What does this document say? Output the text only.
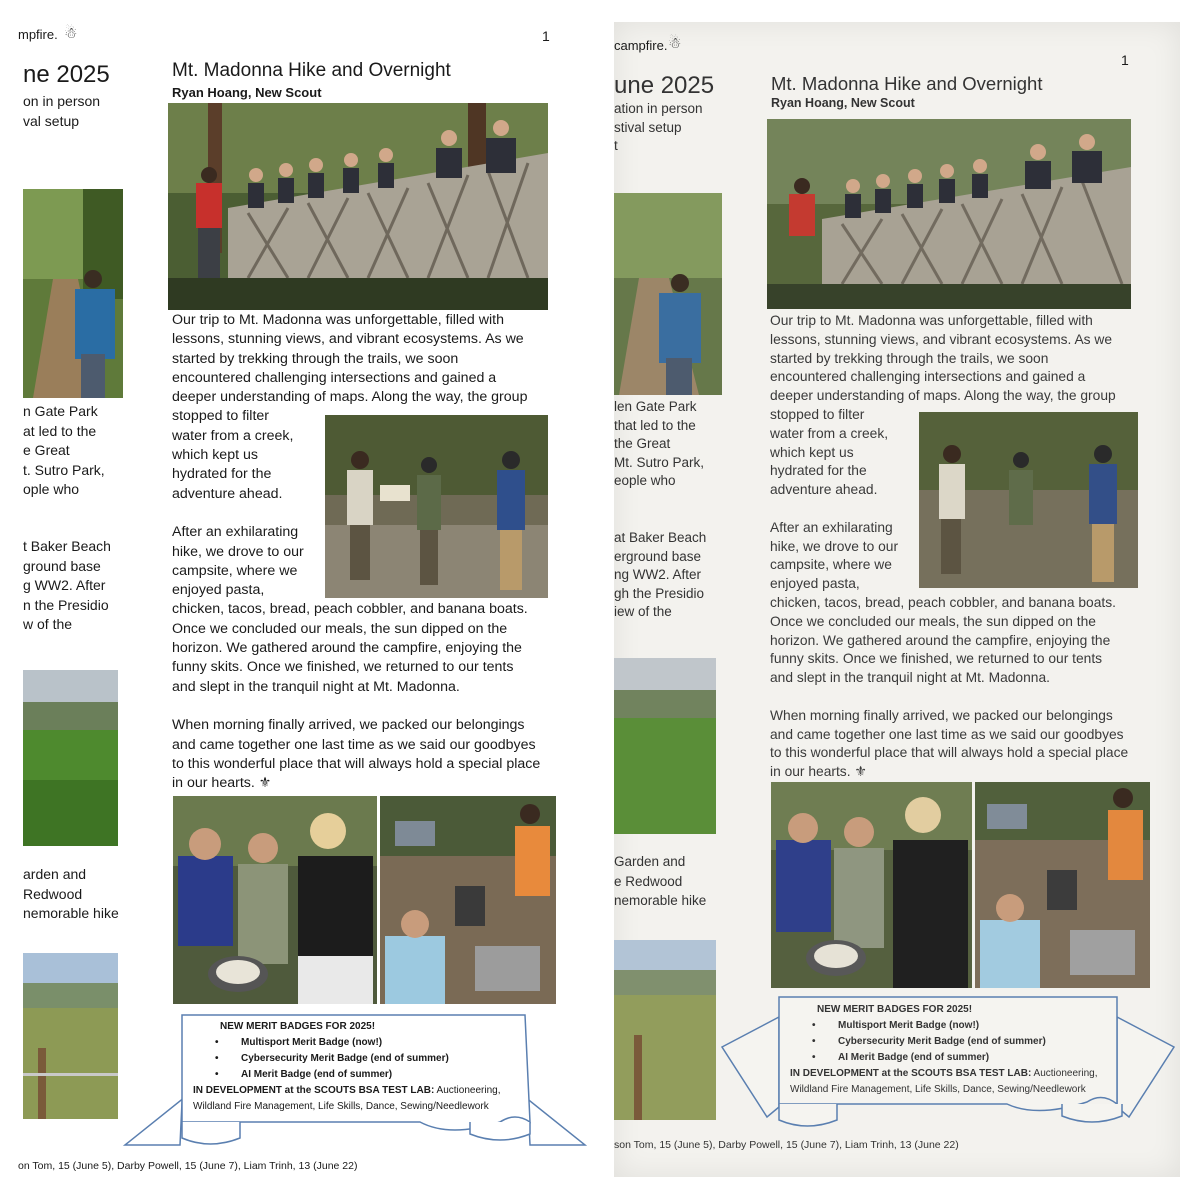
mpfire. ☃	1
ne 2025
on in person
val setup
n Gate Park
at led to the
e Great
t. Sutro Park,
ople who
t Baker Beach
ground base
g WW2. After
n the Presidio
w of the
arden and
Redwood
nemorable hike
Mt. Madonna Hike and Overnight
Ryan Hoang, New Scout
Our trip to Mt. Madonna was unforgettable, filled with
lessons, stunning views, and vibrant ecosystems. As we
started by trekking through the trails, we soon
encountered challenging intersections and gained a
deeper understanding of maps. Along the way, the group
stopped to filter
water from a creek,
which kept us
hydrated for the
adventure ahead.
After an exhilarating
hike, we drove to our
campsite, where we
enjoyed pasta,
chicken, tacos, bread, peach cobbler, and banana boats.
Once we concluded our meals, the sun dipped on the
horizon. We gathered around the campfire, enjoying the
funny skits. Once we finished, we returned to our tents
and slept in the tranquil night at Mt. Madonna.
When morning finally arrived, we packed our belongings
and came together one last time as we said our goodbyes
to this wonderful place that will always hold a special place
in our hearts. ⚜
NEW MERIT BADGES FOR 2025!
• Multisport Merit Badge (now!)
• Cybersecurity Merit Badge (end of summer)
• AI Merit Badge (end of summer)
IN DEVELOPMENT at the SCOUTS BSA TEST LAB: Auctioneering,
Wildland Fire Management, Life Skills, Dance, Sewing/Needlework
on Tom, 15 (June 5), Darby Powell, 15 (June 7), Liam Trinh, 13 (June 22)
campfire. ☃
1
une 2025
ation in person
stival setup
t
len Gate Park
that led to the
the Great
Mt. Sutro Park,
eople who
at Baker Beach
erground base
ng WW2. After
gh the Presidio
iew of the
Garden and
e Redwood
nemorable hike
Mt. Madonna Hike and Overnight
Ryan Hoang, New Scout
Our trip to Mt. Madonna was unforgettable, filled with
lessons, stunning views, and vibrant ecosystems. As we
started by trekking through the trails, we soon
encountered challenging intersections and gained a
deeper understanding of maps. Along the way, the group
stopped to filter
water from a creek,
which kept us
hydrated for the
adventure ahead.
After an exhilarating
hike, we drove to our
campsite, where we
enjoyed pasta,
chicken, tacos, bread, peach cobbler, and banana boats.
Once we concluded our meals, the sun dipped on the
horizon. We gathered around the campfire, enjoying the
funny skits. Once we finished, we returned to our tents
and slept in the tranquil night at Mt. Madonna.
When morning finally arrived, we packed our belongings
and came together one last time as we said our goodbyes
to this wonderful place that will always hold a special place
in our hearts. ⚜
NEW MERIT BADGES FOR 2025!
• Multisport Merit Badge (now!)
• Cybersecurity Merit Badge (end of summer)
• AI Merit Badge (end of summer)
IN DEVELOPMENT at the SCOUTS BSA TEST LAB: Auctioneering,
Wildland Fire Management, Life Skills, Dance, Sewing/Needlework
son Tom, 15 (June 5), Darby Powell, 15 (June 7), Liam Trinh, 13 (June 22)
